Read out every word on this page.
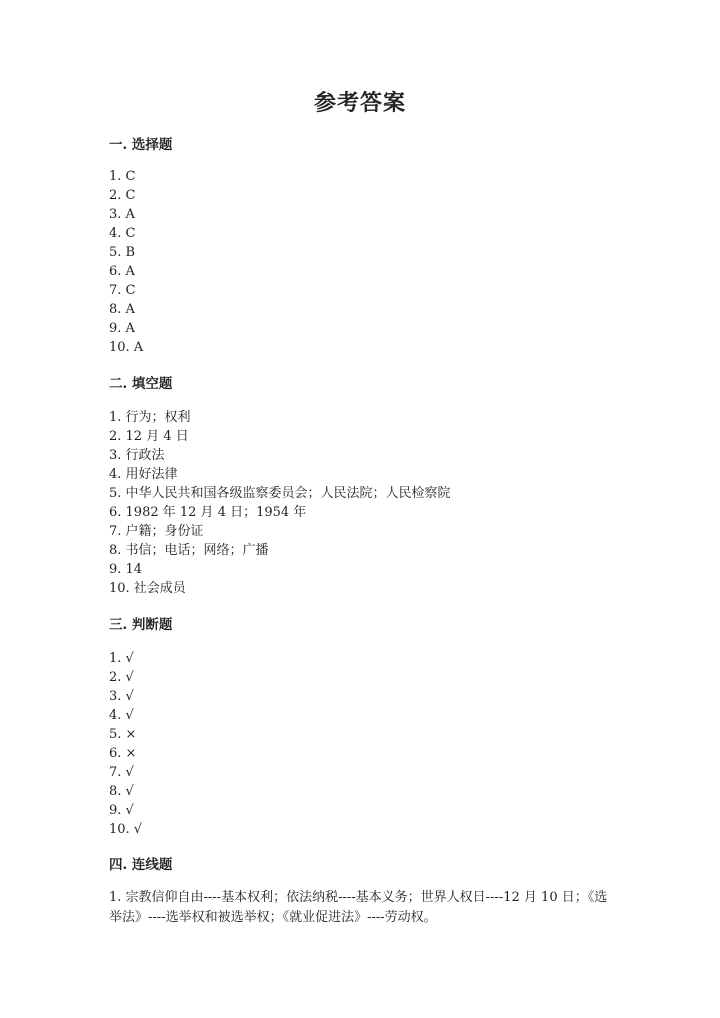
参考答案
一. 选择题
1. C
2. C
3. A
4. C
5. B
6. A
7. C
8. A
9. A
10. A
二. 填空题
1. 行为；权利
2. 12 月 4 日
3. 行政法
4. 用好法律
5. 中华人民共和国各级监察委员会；人民法院；人民检察院
6. 1982 年 12 月 4 日；1954 年
7. 户籍；身份证
8. 书信；电话；网络；广播
9. 14
10. 社会成员
三. 判断题
1. √
2. √
3. √
4. √
5. ×
6. ×
7. √
8. √
9. √
10. √
四. 连线题

1. 宗教信仰自由----基本权利；依法纳税----基本义务；世界人权日----12 月 10 日；《选举法》----选举权和被选举权；《就业促进法》----劳动权。
